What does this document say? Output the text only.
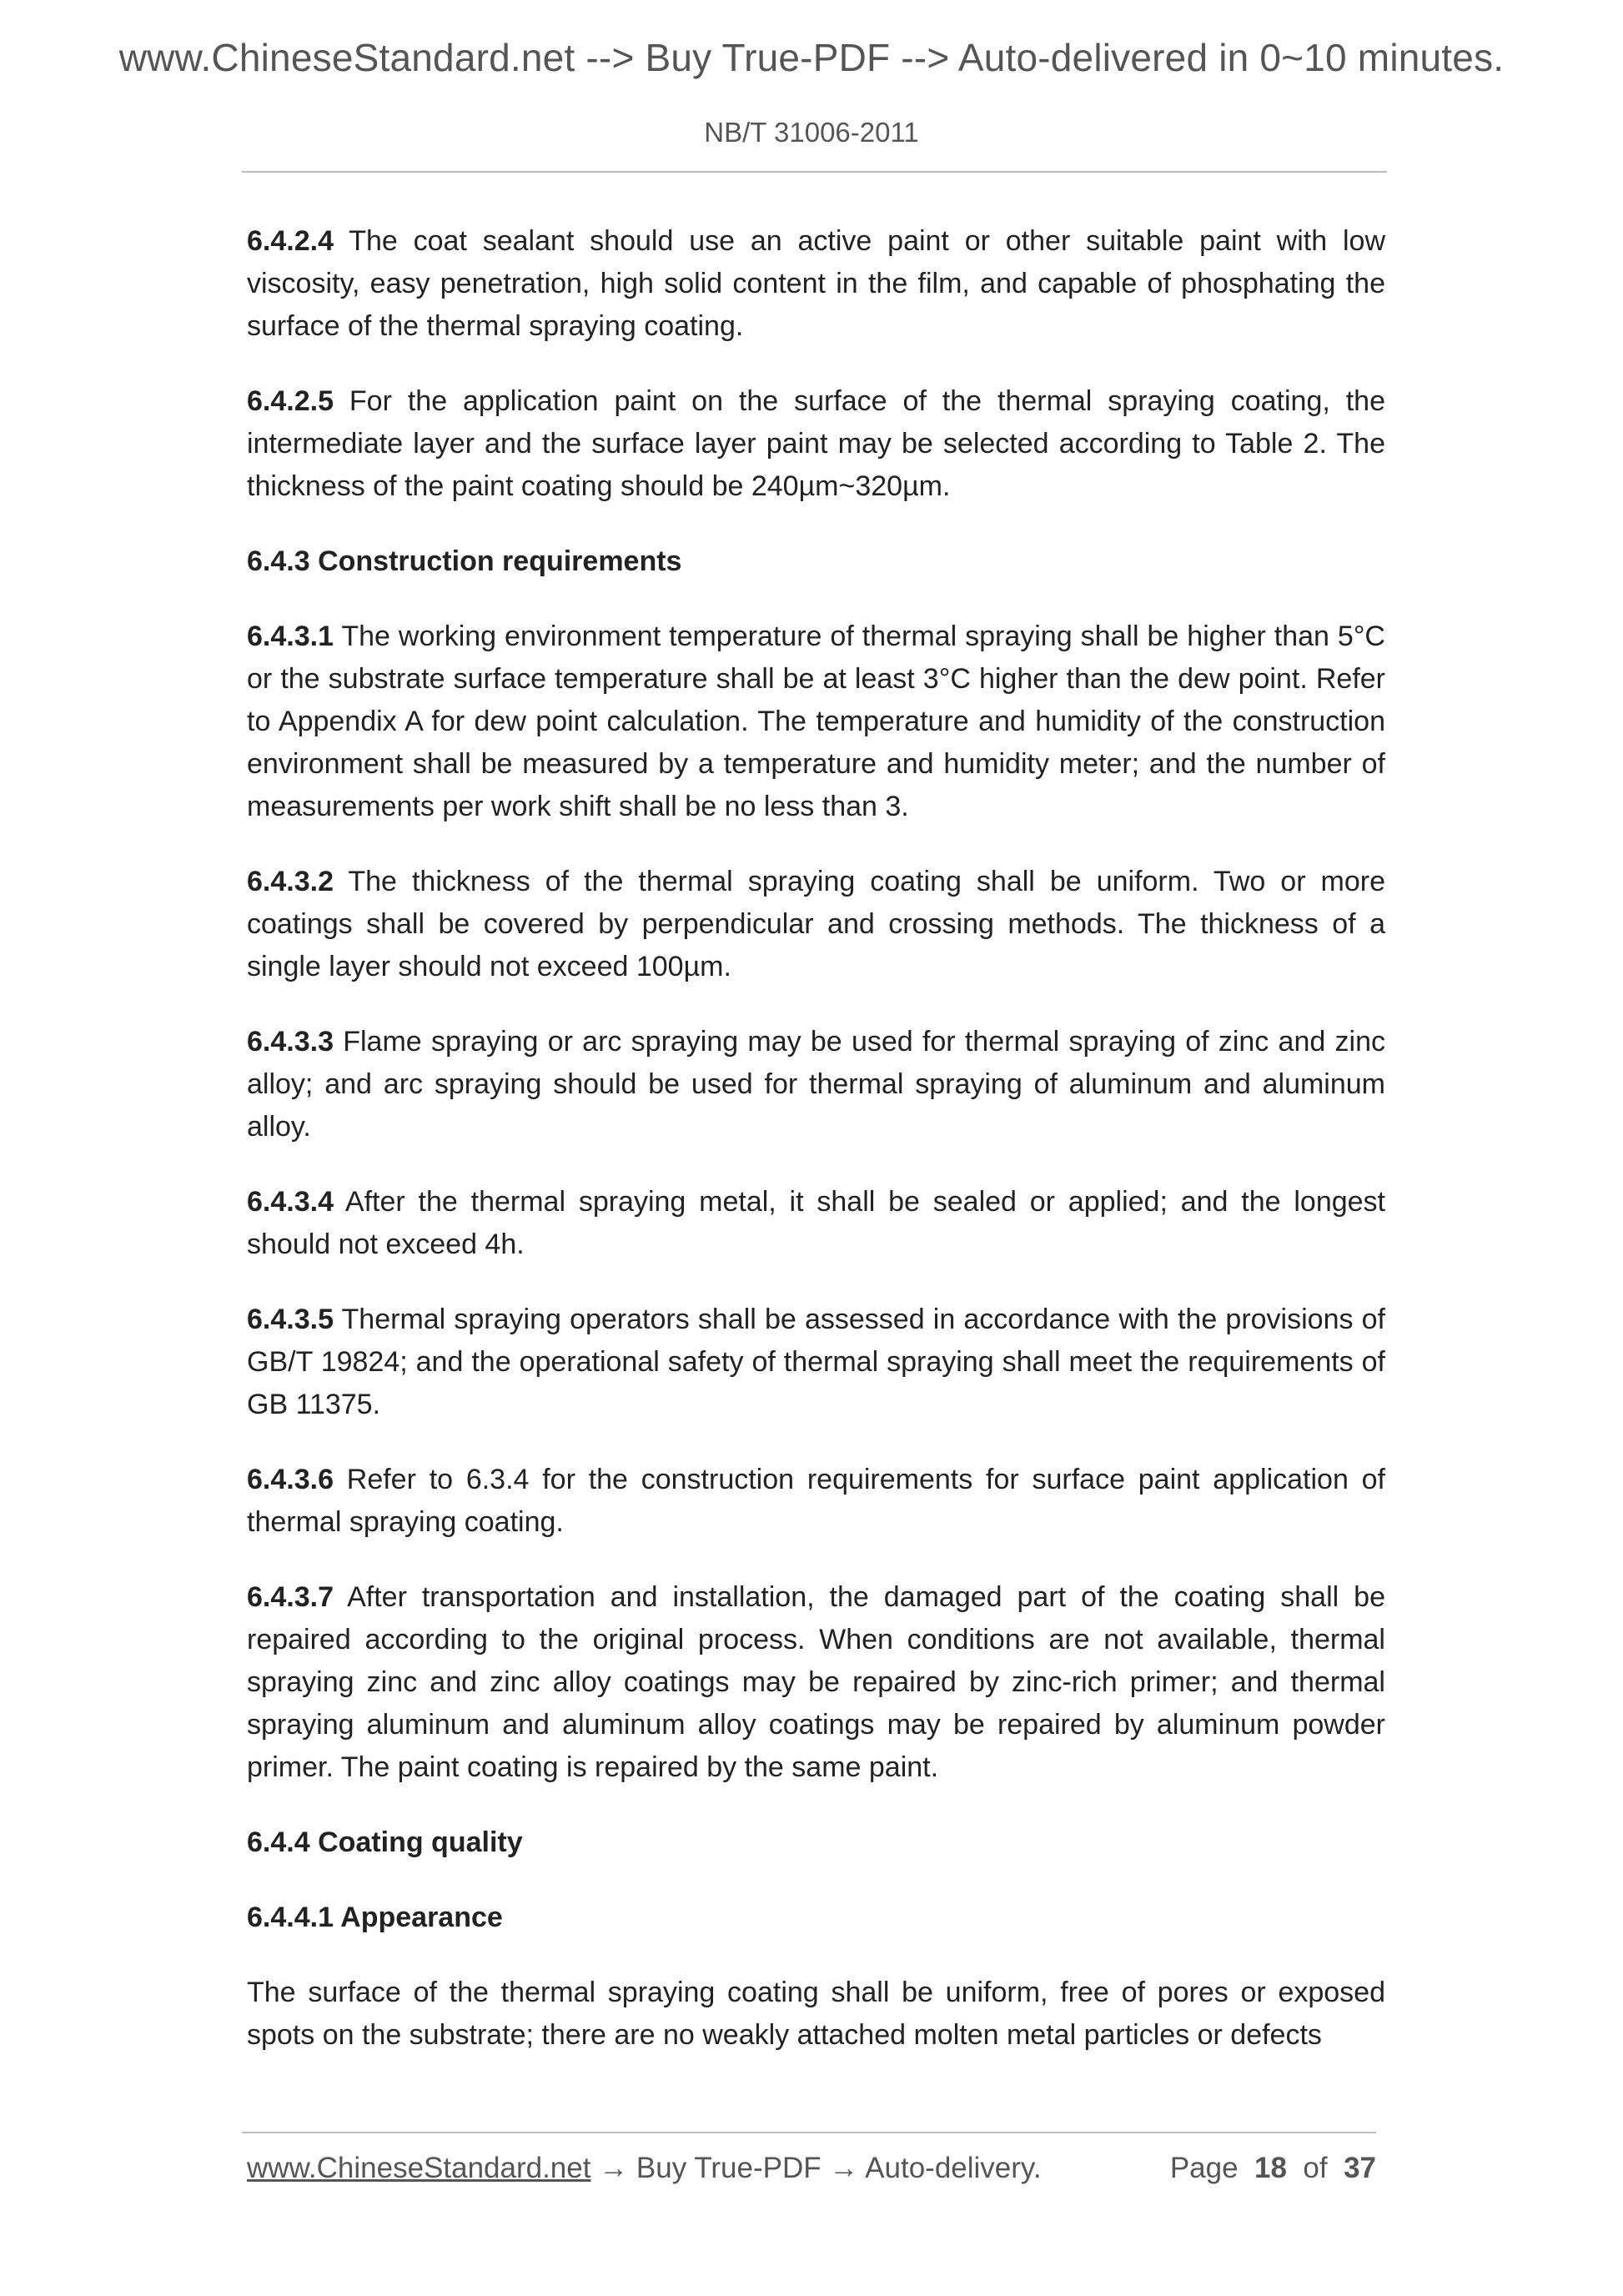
www.ChineseStandard.net --> Buy True-PDF --> Auto-delivered in 0~10 minutes.
NB/T 31006-2011

6.4.2.4 The coat sealant should use an active paint or other suitable paint with low viscosity, easy penetration, high solid content in the film, and capable of phosphating the surface of the thermal spraying coating.

6.4.2.5 For the application paint on the surface of the thermal spraying coating, the intermediate layer and the surface layer paint may be selected according to Table 2. The thickness of the paint coating should be 240µm~320µm.

6.4.3 Construction requirements

6.4.3.1 The working environment temperature of thermal spraying shall be higher than 5°C or the substrate surface temperature shall be at least 3°C higher than the dew point. Refer to Appendix A for dew point calculation. The temperature and humidity of the construction environment shall be measured by a temperature and humidity meter; and the number of measurements per work shift shall be no less than 3.

6.4.3.2 The thickness of the thermal spraying coating shall be uniform. Two or more coatings shall be covered by perpendicular and crossing methods. The thickness of a single layer should not exceed 100µm.

6.4.3.3 Flame spraying or arc spraying may be used for thermal spraying of zinc and zinc alloy; and arc spraying should be used for thermal spraying of aluminum and aluminum alloy.

6.4.3.4 After the thermal spraying metal, it shall be sealed or applied; and the longest should not exceed 4h.

6.4.3.5 Thermal spraying operators shall be assessed in accordance with the provisions of GB/T 19824; and the operational safety of thermal spraying shall meet the requirements of GB 11375.

6.4.3.6 Refer to 6.3.4 for the construction requirements for surface paint application of thermal spraying coating.

6.4.3.7 After transportation and installation, the damaged part of the coating shall be repaired according to the original process. When conditions are not available, thermal spraying zinc and zinc alloy coatings may be repaired by zinc-rich primer; and thermal spraying aluminum and aluminum alloy coatings may be repaired by aluminum powder primer. The paint coating is repaired by the same paint.

6.4.4 Coating quality

6.4.4.1 Appearance

The surface of the thermal spraying coating shall be uniform, free of pores or exposed spots on the substrate; there are no weakly attached molten metal particles or defects

www.ChineseStandard.net → Buy True-PDF → Auto-delivery.	Page 18 of 37
